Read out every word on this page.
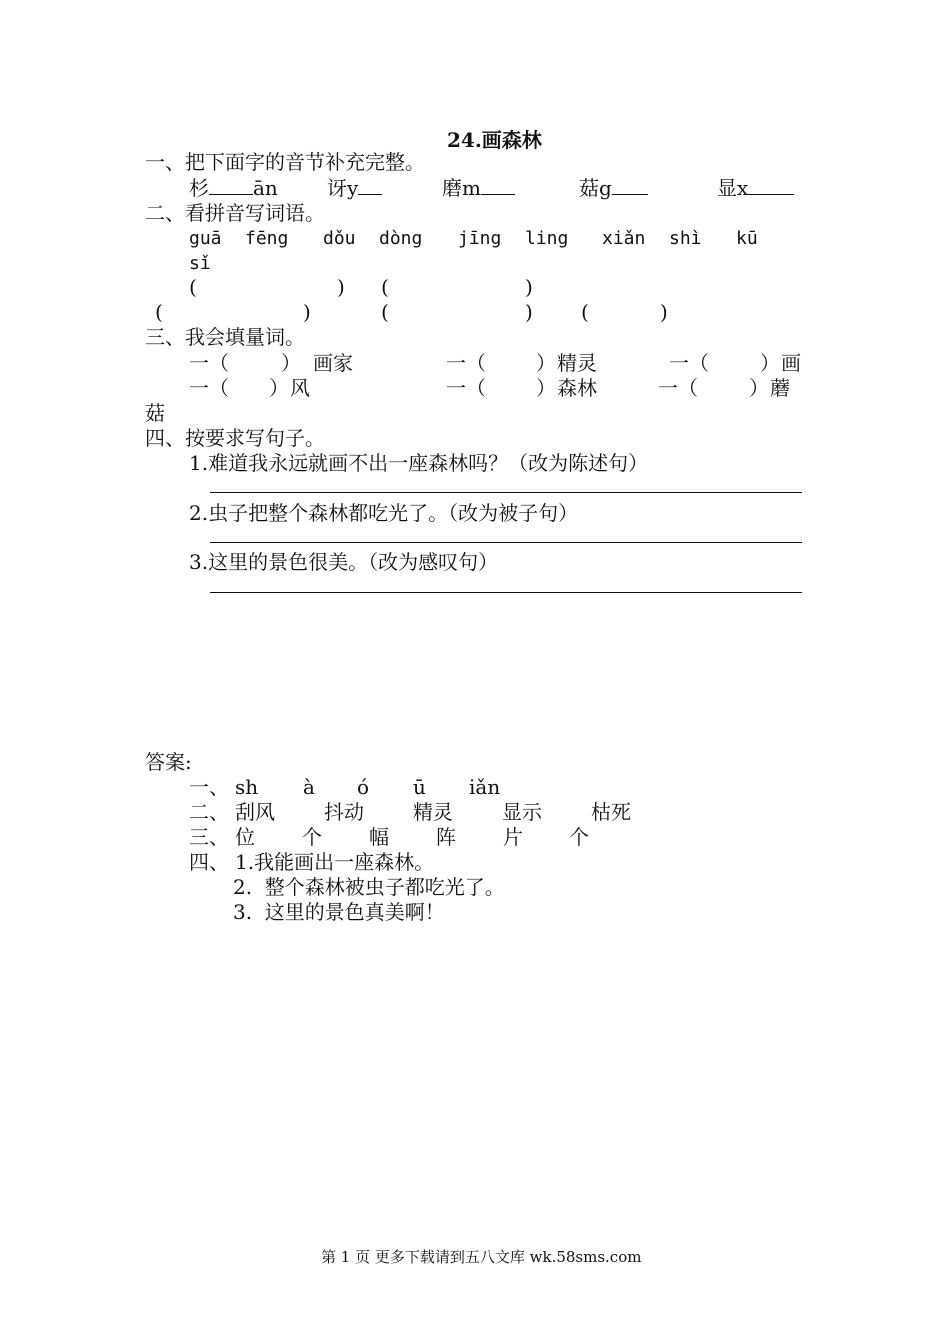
24.画森林
一、把下面字的音节补充完整。
杉 ān 讶y	磨m	菇g	显x
二、看拼音写词语。
guā fēng dǒu dòng jīng ling xiǎn shì kū
sǐ
(	) (	)
(	)	(	) (	)
三、我会填量词。
一（	） 画家	一（	） 精灵	一（	） 画
一（ ） 风	一（	） 森林	一（	） 蘑
菇
四、按要求写句子。
1.难道我永远就画不出一座森林吗？（改为陈述句）
2.虫子把整个森林都吃光了。（改为被子句）
3.这里的景色很美。（改为感叹句）
答案:
一、 sh à ó ū iǎn
二、 刮风 抖动 精灵 显示 枯死
三、 位 个 幅 阵 片 个
四、 1.我能画出一座森林。
2.  整个森林被虫子都吃光了。
3.  这里的景色真美啊！
第 1 页 更多下载请到五八文库 wk.58sms.com
